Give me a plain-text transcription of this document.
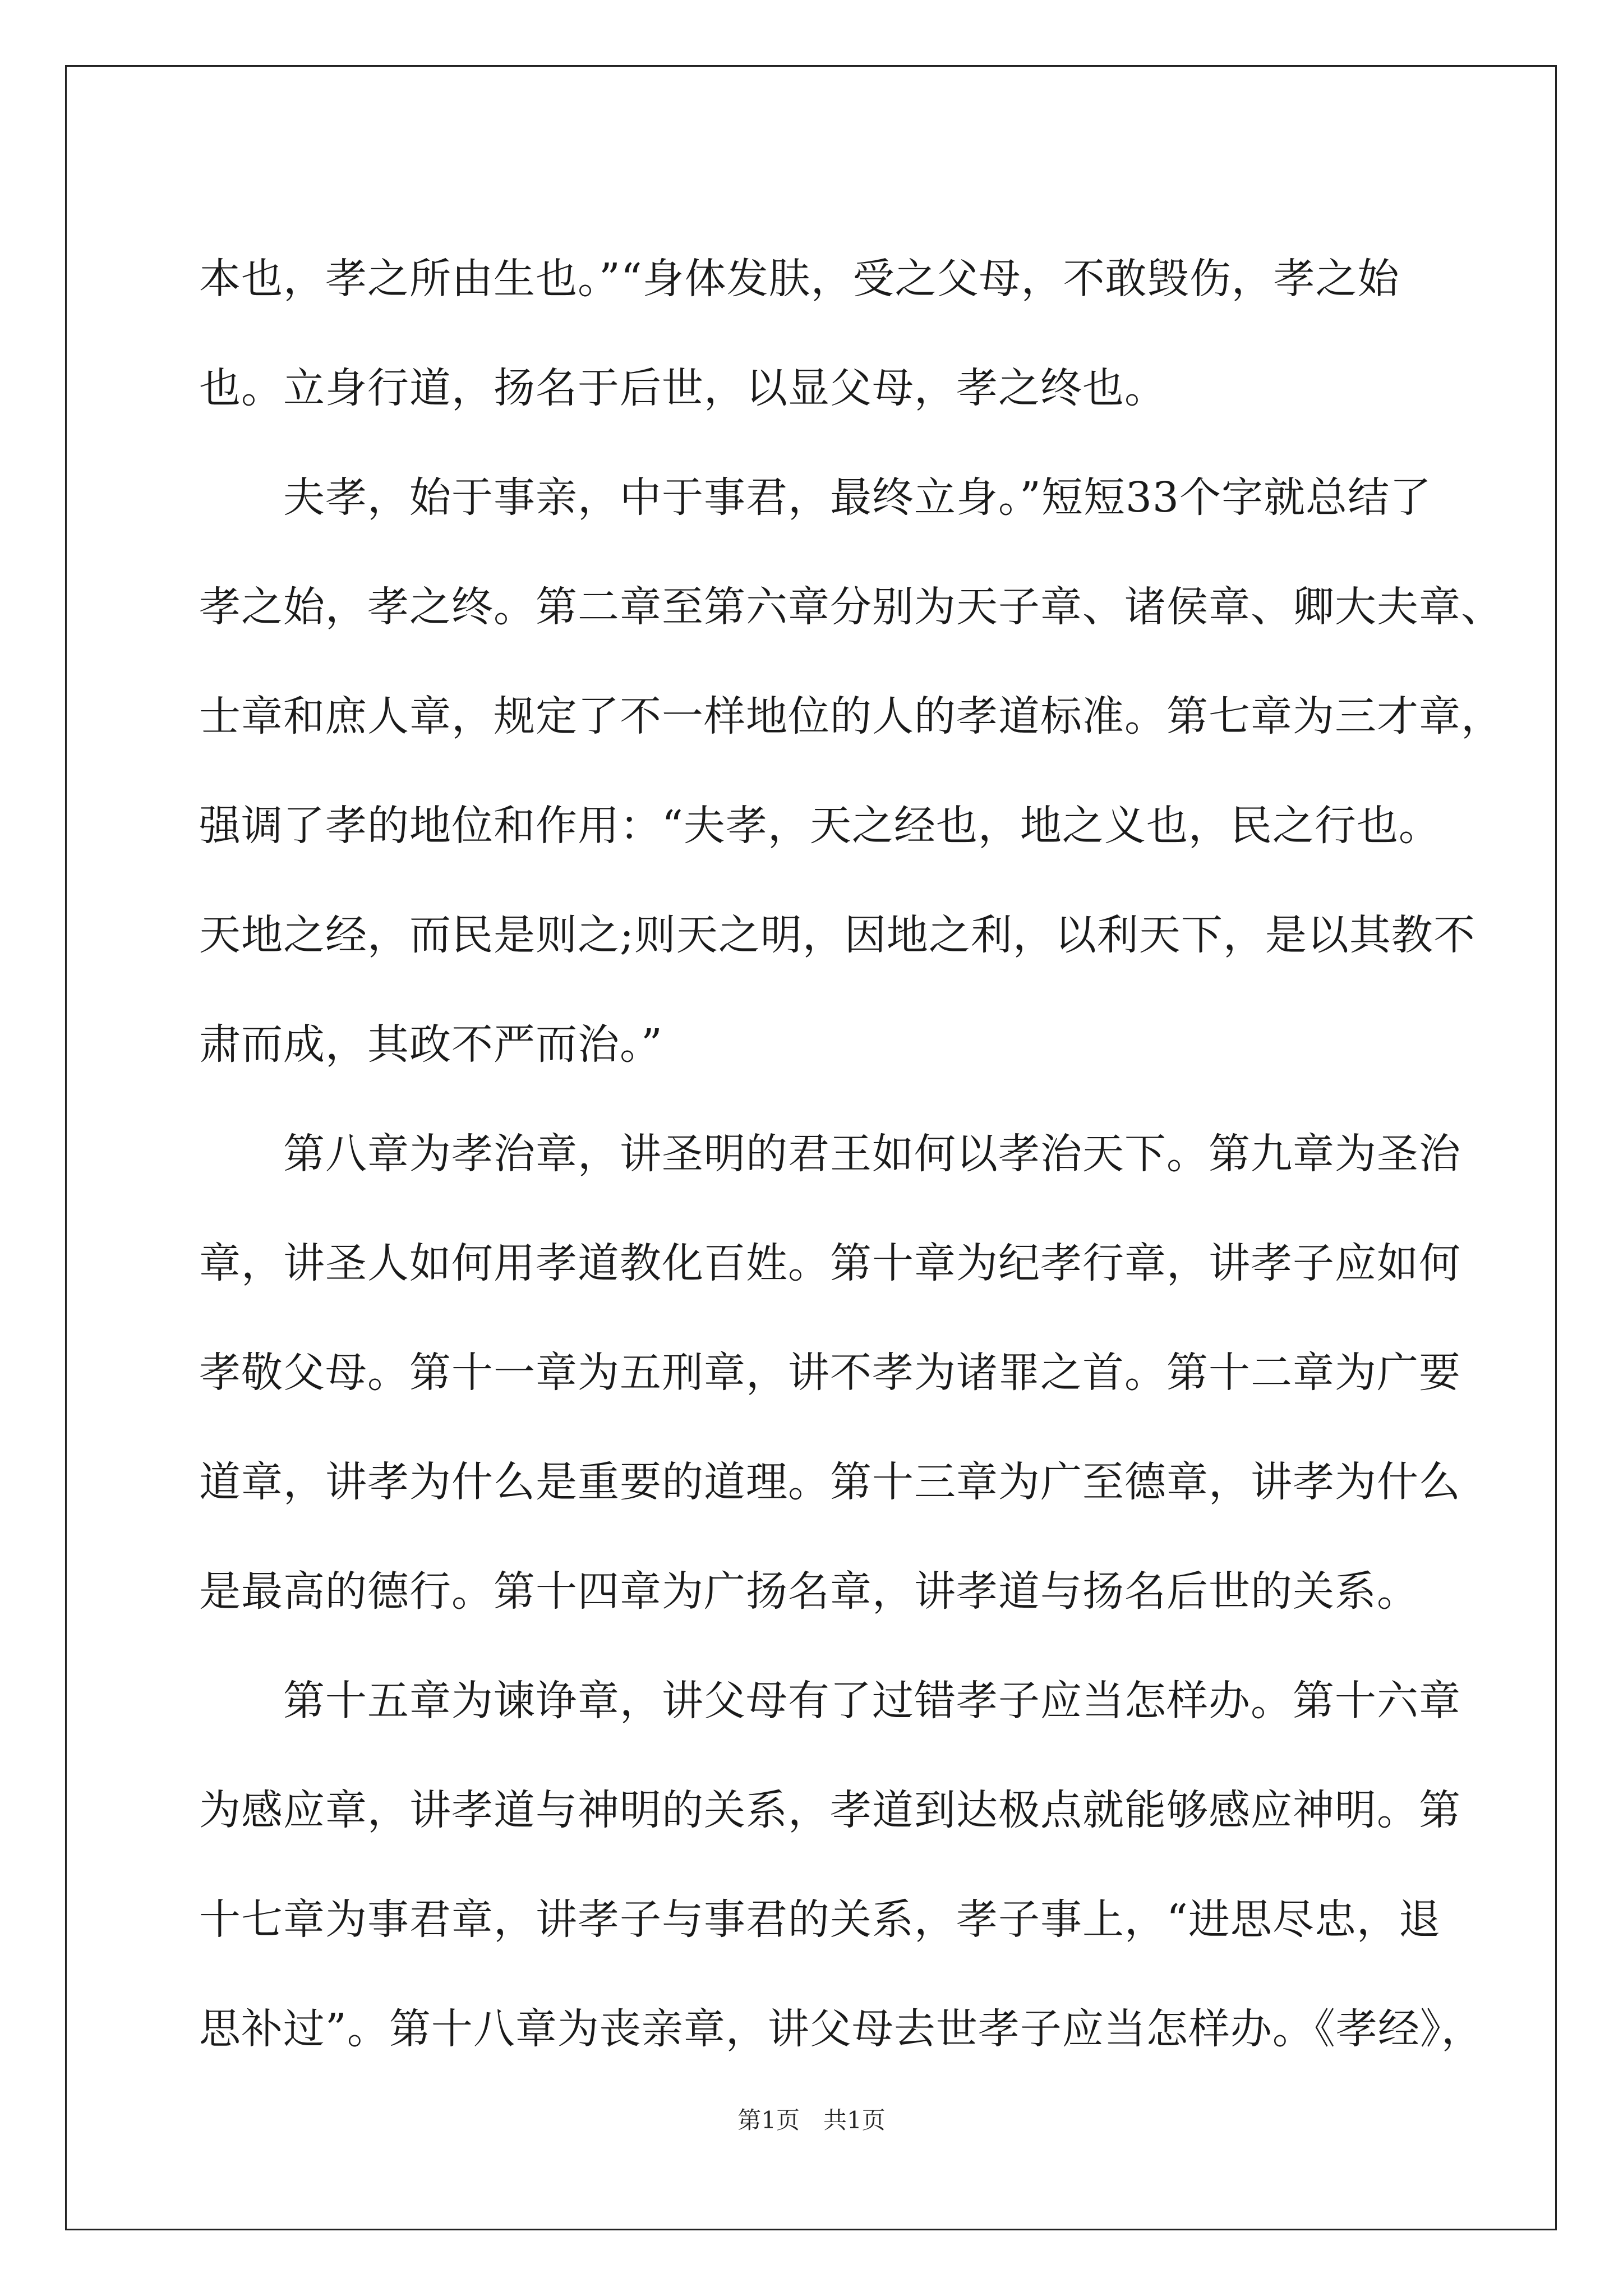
本也，孝之所由生也。”“身体发肤，受之父母，不敢毁伤，孝之始
也。立身行道，扬名于后世，以显父母，孝之终也。
　　夫孝，始于事亲，中于事君，最终立身。”短短33个字就总结了
孝之始，孝之终。第二章至第六章分别为天子章、诸侯章、卿大夫章、
士章和庶人章，规定了不一样地位的人的孝道标准。第七章为三才章，
强调了孝的地位和作用：“夫孝，天之经也，地之义也，民之行也。
天地之经，而民是则之;则天之明，因地之利，以利天下，是以其教不
肃而成，其政不严而治。”
　　第八章为孝治章，讲圣明的君王如何以孝治天下。第九章为圣治
章，讲圣人如何用孝道教化百姓。第十章为纪孝行章，讲孝子应如何
孝敬父母。第十一章为五刑章，讲不孝为诸罪之首。第十二章为广要
道章，讲孝为什么是重要的道理。第十三章为广至德章，讲孝为什么
是最高的德行。第十四章为广扬名章，讲孝道与扬名后世的关系。
　　第十五章为谏诤章，讲父母有了过错孝子应当怎样办。第十六章
为感应章，讲孝道与神明的关系，孝道到达极点就能够感应神明。第
十七章为事君章，讲孝子与事君的关系，孝子事上，“进思尽忠，退
思补过”。第十八章为丧亲章，讲父母去世孝子应当怎样办。《孝经》，
第1页　共1页
